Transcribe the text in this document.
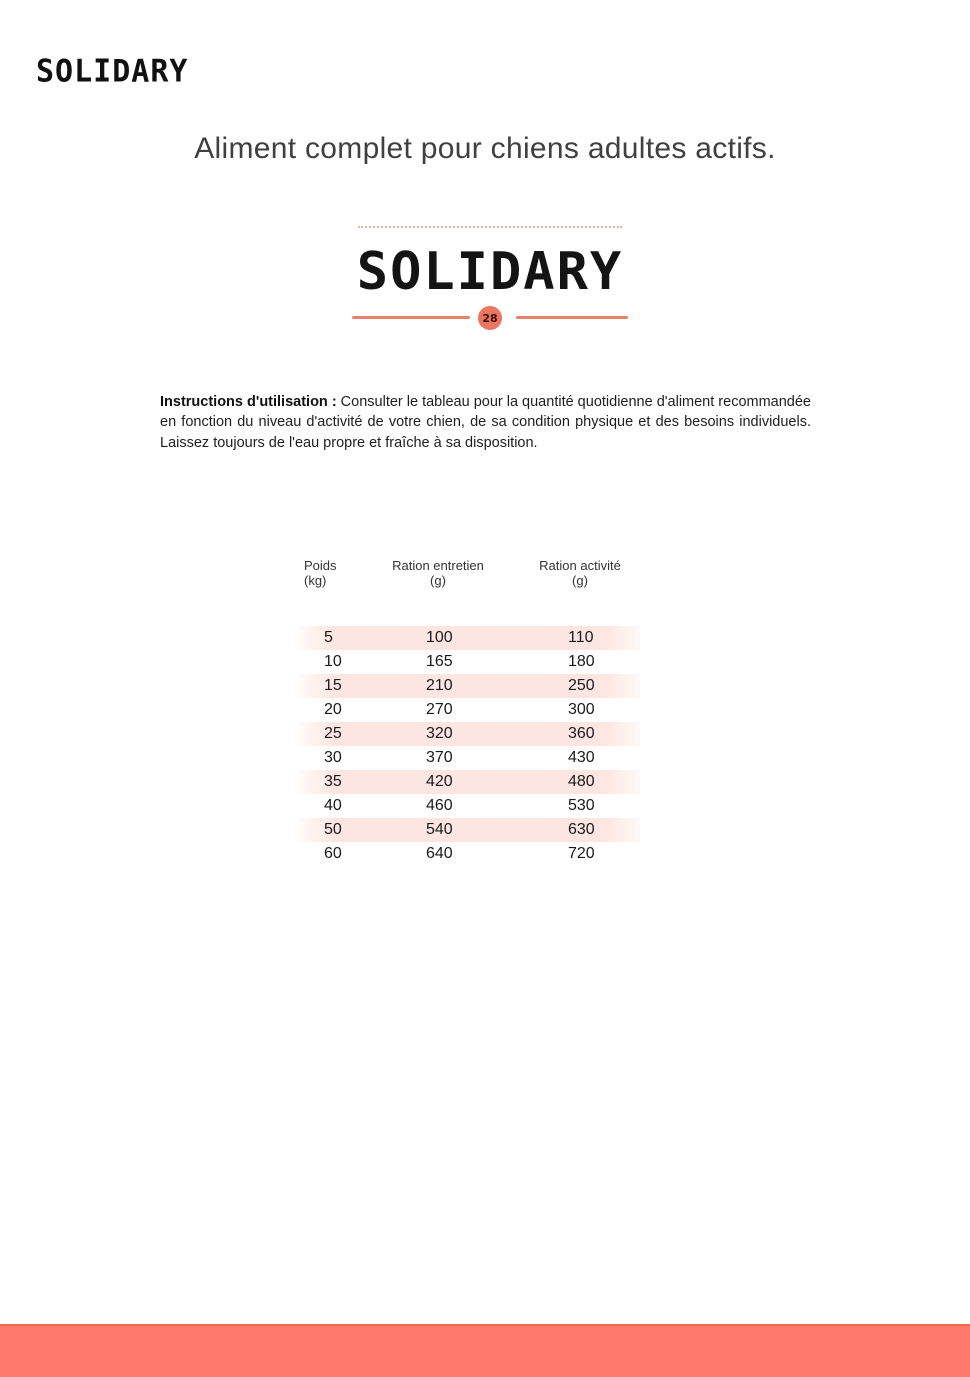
SOLIDARY
Aliment complet pour chiens adultes actifs.
SOLIDARY
28

Instructions d'utilisation : Consulter le tableau pour la quantité quotidienne d'aliment recommandée en fonction du niveau d'activité de votre chien, de sa condition physique et des besoins individuels. Laissez toujours de l'eau propre et fraîche à sa disposition.

Poids
(kg)
Ration entretien
(g)
Ration activité
(g)
5	100	110
10	165	180
15	210	250
20	270	300
25	320	360
30	370	430
35	420	480
40	460	530
50	540	630
60	640	720
